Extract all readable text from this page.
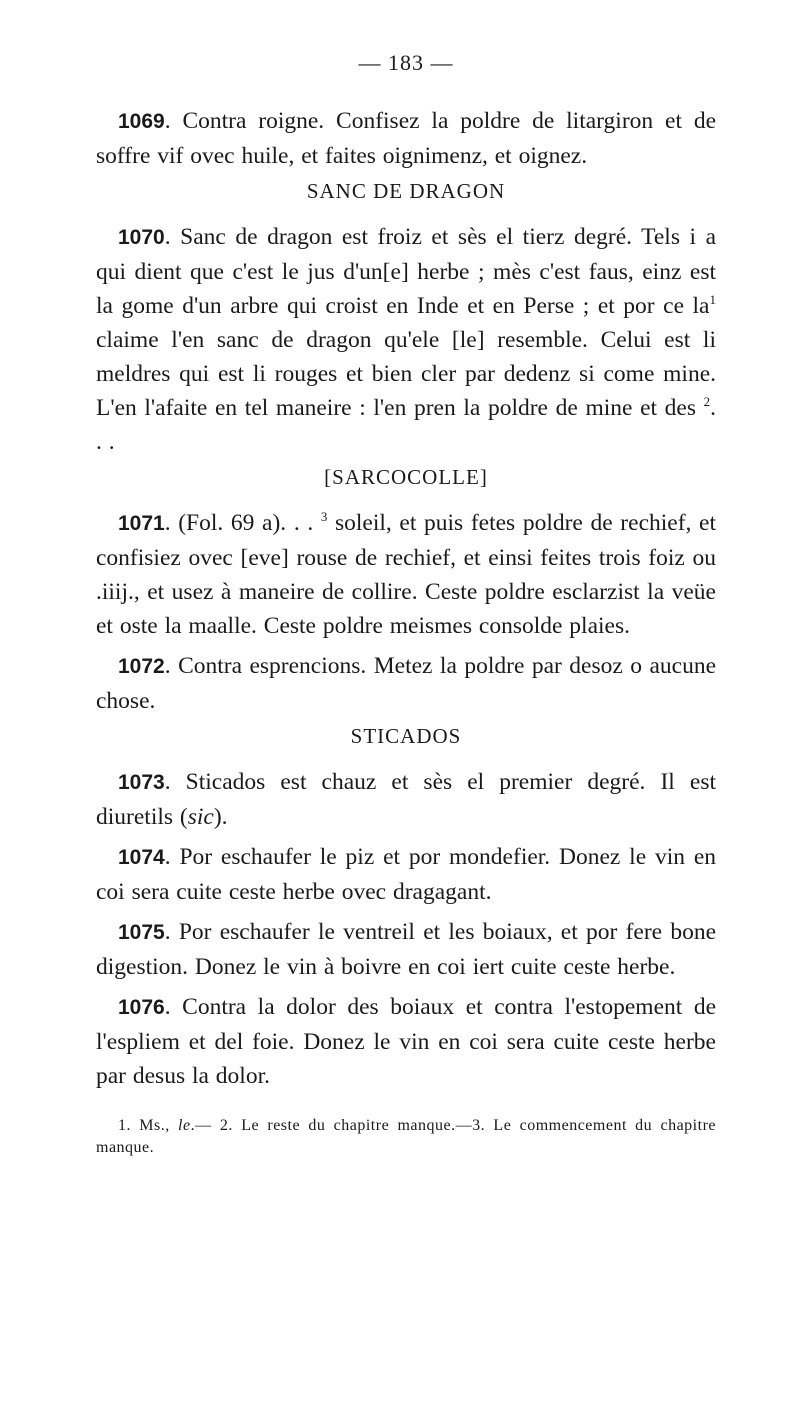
— 183 —

1069. Contra roigne. Confisez la poldre de litargiron et de soffre vif ovec huile, et faites oignimenz, et oignez.

SANC DE DRAGON

1070. Sanc de dragon est froiz et sès el tierz degré. Tels i a qui dient que c'est le jus d'un[e] herbe ; mès c'est faus, einz est la gome d'un arbre qui croist en Inde et en Perse ; et por ce $la^1$ claime l'en sanc de dragon qu'ele [le] resemble. Celui est li meldres qui est li rouges et bien cler par dedenz si come mine. L'en l'afaite en tel maneire : l'en pren la poldre de mine et des $^2$. . .

[SARCOCOLLE]

1071. (Fol. 69 a). . . $^3$ soleil, et puis fetes poldre de rechief, et confisiez ovec [eve] rouse de rechief, et einsi feites trois foiz ou .iiij., et usez à maneire de collire. Ceste poldre esclarzist la veüe et oste la maalle. Ceste poldre meismes consolde plaies.

1072. Contra esprencions. Metez la poldre par desoz o aucune chose.

STICADOS

1073. Sticados est chauz et sès el premier degré. Il est diuretils (sic).

1074. Por eschaufer le piz et por mondefier. Donez le vin en coi sera cuite ceste herbe ovec dragagant.

1075. Por eschaufer le ventreil et les boiaux, et por fere bone digestion. Donez le vin à boivre en coi iert cuite ceste herbe.

1076. Contra la dolor des boiaux et contra l'estopement de l'espliem et del foie. Donez le vin en coi sera cuite ceste herbe par desus la dolor.

1. Ms., le.— 2. Le reste du chapitre manque.—3. Le commencement du chapitre manque.
